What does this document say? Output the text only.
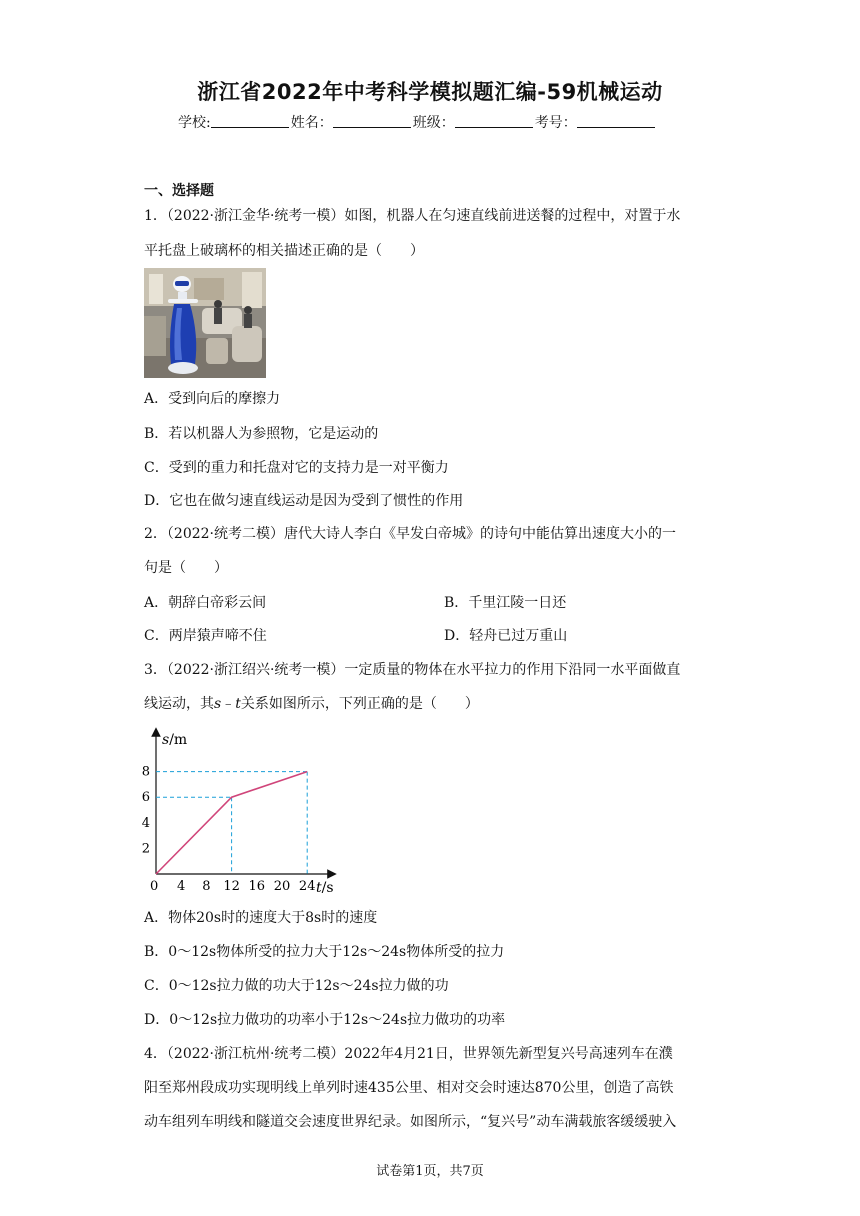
浙江省2022年中考科学模拟题汇编-59机械运动
学校:	姓名：	班级：	考号：
一、选择题
1．（2022·浙江金华·统考一模）如图，机器人在匀速直线前进送餐的过程中，对置于水
平托盘上破璃杯的相关描述正确的是（　　）
A．受到向后的摩擦力
B．若以机器人为参照物，它是运动的
C．受到的重力和托盘对它的支持力是一对平衡力
D．它也在做匀速直线运动是因为受到了惯性的作用
2．（2022·统考二模）唐代大诗人李白《早发白帝城》的诗句中能估算出速度大小的一
句是（　　）
A．朝辞白帝彩云间	B．千里江陵一日还
C．两岸猿声啼不住	D．轻舟已过万重山
3．（2022·浙江绍兴·统考一模）一定质量的物体在水平拉力的作用下沿同一水平面做直
线运动，其s﹣t关系如图所示，下列正确的是（　　）
0 4 8 12 16 20 24
2
4
6
8
s/m
t/s
A．物体20s时的速度大于8s时的速度
B．0～12s物体所受的拉力大于12s～24s物体所受的拉力
C．0～12s拉力做的功大于12s～24s拉力做的功
D．0～12s拉力做功的功率小于12s～24s拉力做功的功率
4．（2022·浙江杭州·统考二模）2022年4月21日，世界领先新型复兴号高速列车在濮
阳至郑州段成功实现明线上单列时速435公里、相对交会时速达870公里，创造了高铁
动车组列车明线和隧道交会速度世界纪录。如图所示，“复兴号”动车满载旅客缓缓驶入
试卷第1页，共7页
